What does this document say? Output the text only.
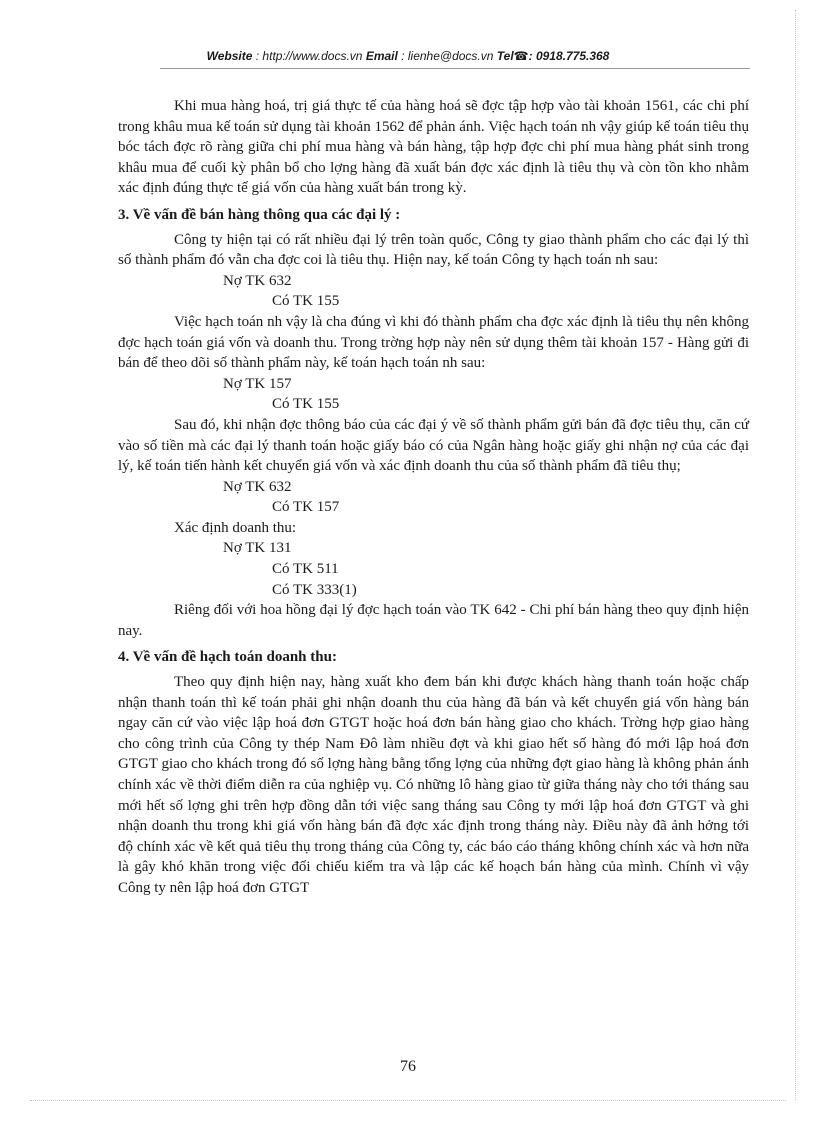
Website : http://www.docs.vn Email : lienhe@docs.vn Tel☎: 0918.775.368

Khi mua hàng hoá, trị giá thực tế của hàng hoá sẽ đợc tập hợp vào tài khoản 1561, các chi phí trong khâu mua kế toán sử dụng tài khoản 1562 để phản ánh. Việc hạch toán nh vậy giúp kế toán tiêu thụ bóc tách đợc rõ ràng giữa chi phí mua hàng và bán hàng, tập hợp đợc chi phí mua hàng phát sinh trong khâu mua để cuối kỳ phân bổ cho lợng hàng đã xuất bán đợc xác định là tiêu thụ và còn tồn kho nhằm xác định đúng thực tế giá vốn của hàng xuất bán trong kỳ.

3. Về vấn đề bán hàng thông qua các đại lý :

Công ty hiện tại có rất nhiều đại lý trên toàn quốc, Công ty giao thành phẩm cho các đại lý thì số thành phẩm đó vẫn cha đợc coi là tiêu thụ. Hiện nay, kế toán Công ty hạch toán nh sau:

Nợ TK 632

Có TK 155

Việc hạch toán nh vậy là cha đúng vì khi đó thành phẩm cha đợc xác định là tiêu thụ nên không đợc hạch toán giá vốn và doanh thu. Trong trờng hợp này nên sử dụng thêm tài khoản 157 - Hàng gửi đi bán để theo dõi số thành phẩm này, kế toán hạch toán nh sau:

Nợ TK 157

Có TK 155

Sau đó, khi nhận đợc thông báo của các đại ý về số thành phẩm gửi bán đã đợc tiêu thụ, căn cứ vào số tiền mà các đại lý thanh toán hoặc giấy báo có của Ngân hàng hoặc giấy ghi nhận nợ của các đại lý, kế toán tiến hành kết chuyển giá vốn và xác định doanh thu của số thành phẩm đã tiêu thụ;

Nợ TK 632

Có TK 157

Xác định doanh thu:

Nợ TK 131

Có TK 511

Có TK 333(1)

Riêng đối với hoa hồng đại lý đợc hạch toán vào TK 642 - Chi phí bán hàng theo quy định hiện nay.

4. Về vấn đề hạch toán doanh thu:

Theo quy định hiện nay, hàng xuất kho đem bán khi được khách hàng thanh toán hoặc chấp nhận thanh toán thì kế toán phải ghi nhận doanh thu của hàng đã bán và kết chuyển giá vốn hàng bán ngay căn cứ vào việc lập hoá đơn GTGT hoặc hoá đơn bán hàng giao cho khách. Trờng hợp giao hàng cho công trình của Công ty thép Nam Đô làm nhiều đợt và khi giao hết số hàng đó mới lập hoá đơn GTGT giao cho khách trong đó số lợng hàng bằng tổng lợng của những đợt giao hàng là không phản ánh chính xác về thời điểm diễn ra của nghiệp vụ. Có những lô hàng giao từ giữa tháng này cho tới tháng sau mới hết số lợng ghi trên hợp đồng dẫn tới việc sang tháng sau Công ty mới lập hoá đơn GTGT và ghi nhận doanh thu trong khi giá vốn hàng bán đã đợc xác định trong tháng này. Điều này đã ảnh hởng tới độ chính xác về kết quả tiêu thụ trong tháng của Công ty, các báo cáo tháng không chính xác và hơn nữa là gây khó khăn trong việc đối chiếu kiểm tra và lập các kế hoạch bán hàng của mình. Chính vì vậy Công ty nên lập hoá đơn GTGT

76
